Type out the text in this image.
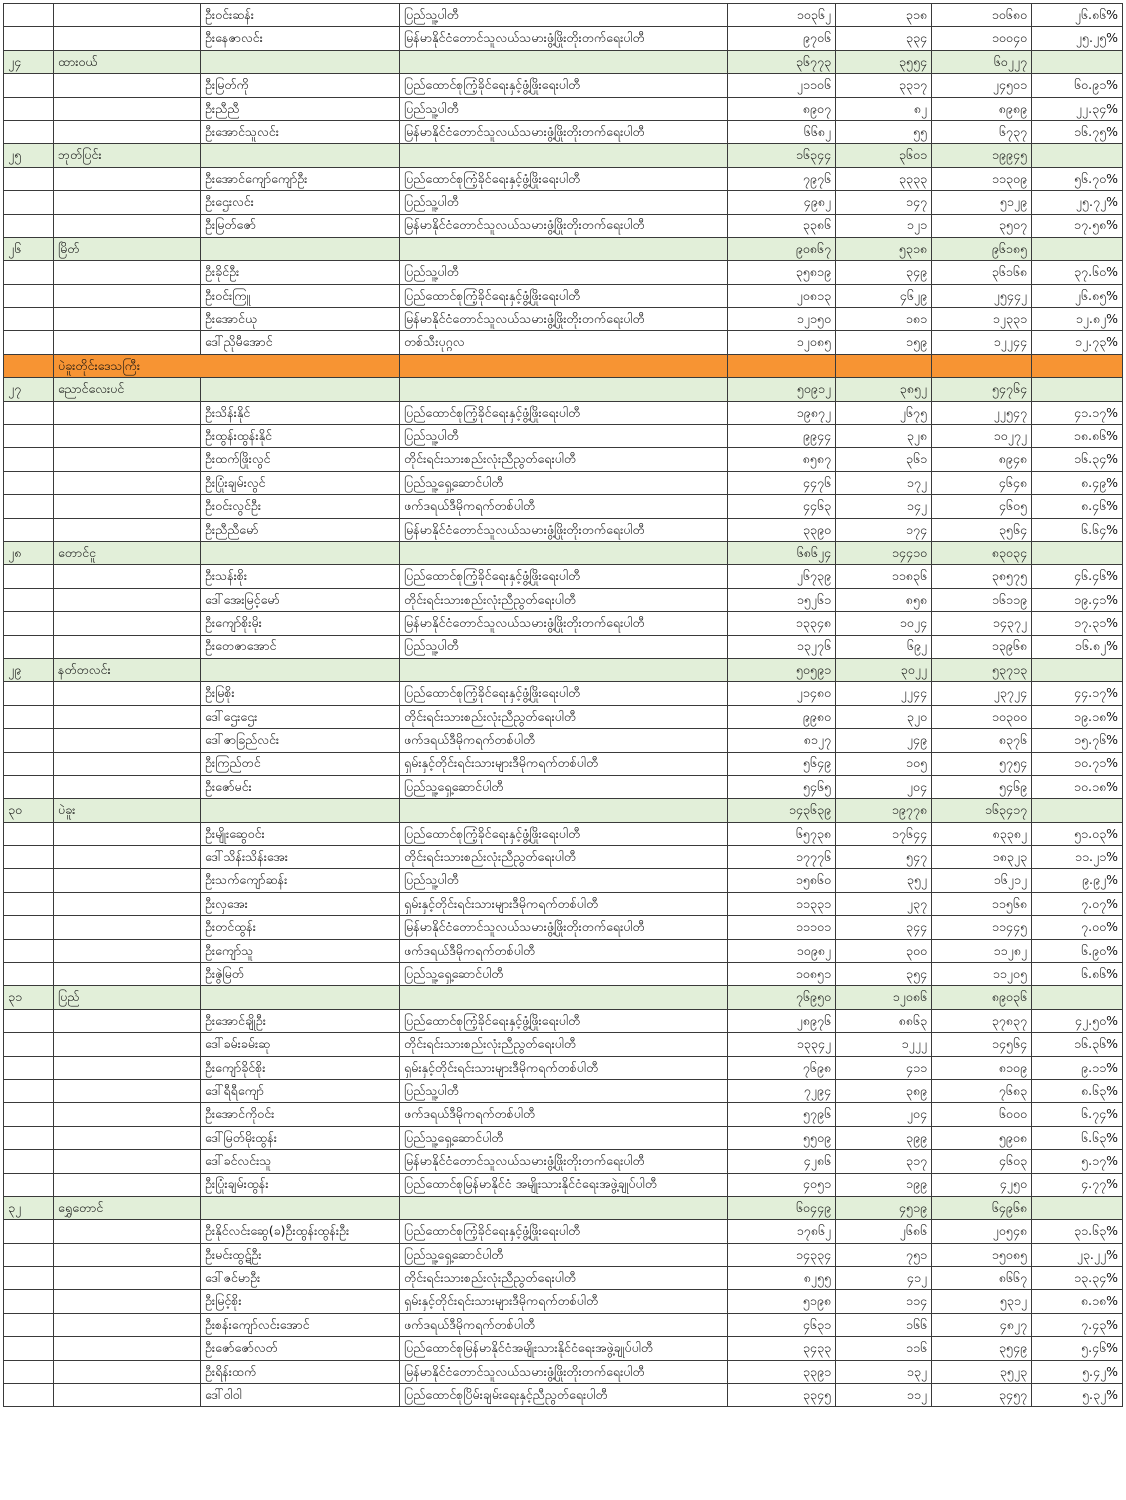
		ဦးဝင်းဆန်း	ပြည်သူ့ပါတီ	၁၀၃၆၂	၃၁၈	၁၀၆၈၀	၂၆.၈၆%
		ဦးနေဇာလင်း	မြန်မာနိုင်ငံတောင်သူလယ်သမားဖွံ့ဖြိုးတိုးတက်ရေးပါတီ	၉၇၀၆	၃၃၄	၁၀၀၄၀	၂၅.၂၅%
၂၄	ထားဝယ်			၃၆၇၇၃	၃၅၅၄	၆၀၂၂၇	
		ဦးမြတ်ကို	ပြည်ထောင်စုကြံ့ခိုင်ရေးနှင့်ဖွံ့ဖြိုးရေးပါတီ	၂၁၁၀၆	၃၃၁၇	၂၄၅၀၁	၆၀.၉၁%
		ဦးညီညီ	ပြည်သူ့ပါတီ	၈၉၀၇	၈၂	၈၉၈၉	၂၂.၃၄%
		ဦးအောင်သူလင်း	မြန်မာနိုင်ငံတောင်သူလယ်သမားဖွံ့ဖြိုးတိုးတက်ရေးပါတီ	၆၆၈၂	၅၅	၆၇၃၇	၁၆.၇၅%
၂၅	ဘုတ်ပြင်း			၁၆၃၄၄	၃၆၀၁	၁၉၉၄၅	
		ဦးအောင်ကျော်ကျော်ဦး	ပြည်ထောင်စုကြံ့ခိုင်ရေးနှင့်ဖွံ့ဖြိုးရေးပါတီ	၇၉၇၆	၃၃၃၃	၁၁၃၀၉	၅၆.၇၀%
		ဦးဌေးလင်း	ပြည်သူ့ပါတီ	၄၉၈၂	၁၄၇	၅၁၂၉	၂၅.၇၂%
		ဦးမြတ်ဇော်	မြန်မာနိုင်ငံတောင်သူလယ်သမားဖွံ့ဖြိုးတိုးတက်ရေးပါတီ	၃၃၈၆	၁၂၁	၃၅၀၇	၁၇.၅၈%
၂၆	မြိတ်			၉၀၈၆၇	၅၃၁၈	၉၆၁၈၅	
		ဦးခိုင်ဦး	ပြည်သူ့ပါတီ	၃၅၈၁၉	၃၄၉	၃၆၁၆၈	၃၇.၆၀%
		ဦးဝင်းကြူ	ပြည်ထောင်စုကြံ့ခိုင်ရေးနှင့်ဖွံ့ဖြိုးရေးပါတီ	၂၀၈၁၃	၄၆၂၉	၂၅၄၄၂	၂၆.၈၅%
		ဦးအောင်ယု	မြန်မာနိုင်ငံတောင်သူလယ်သမားဖွံ့ဖြိုးတိုးတက်ရေးပါတီ	၁၂၁၅၀	၁၈၁	၁၂၃၃၁	၁၂.၈၂%
		ဒေါ်ညိုမီအောင်	တစ်သီးပုဂ္ဂလ	၁၂၀၈၅	၁၅၉	၁၂၂၄၄	၁၂.၇၃%
	ပဲခူးတိုင်းဒေသကြီး						
၂၇	ညောင်လေးပင်			၅၀၉၁၂	၃၈၅၂	၅၄၇၆၄	
		ဦးသိန်းနိုင်	ပြည်ထောင်စုကြံ့ခိုင်ရေးနှင့်ဖွံ့ဖြိုးရေးပါတီ	၁၉၈၇၂	၂၆၇၅	၂၂၅၄၇	၄၁.၁၇%
		ဦးထွန်းထွန်းနိုင်	ပြည်သူ့ပါတီ	၉၉၄၄	၃၂၈	၁၀၂၇၂	၁၈.၈၆%
		ဦးထက်ဖြိုးလွင်	တိုင်းရင်းသားစည်းလုံးညီညွတ်ရေးပါတီ	၈၅၈၇	၃၆၁	၈၉၄၈	၁၆.၃၄%
		ဦးပြုံးချမ်းလွင်	ပြည်သူ့ရှေ့ဆောင်ပါတီ	၄၄၇၆	၁၇၂	၄၆၄၈	၈.၄၉%
		ဦးဝင်းလွင်ဦး	ဖက်ဒရယ်ဒီမိုကရက်တစ်ပါတီ	၄၄၆၃	၁၄၂	၄၆၀၅	၈.၄၆%
		ဦးညီညီမော်	မြန်မာနိုင်ငံတောင်သူလယ်သမားဖွံ့ဖြိုးတိုးတက်ရေးပါတီ	၃၃၉၀	၁၇၄	၃၅၆၄	၆.၆၄%
၂၈	တောင်ငူ			၆၈၆၂၄	၁၄၄၁၀	၈၃၀၃၄	
		ဦးသန်းစိုး	ပြည်ထောင်စုကြံ့ခိုင်ရေးနှင့်ဖွံ့ဖြိုးရေးပါတီ	၂၆၇၃၉	၁၁၈၃၆	၃၈၅၇၅	၄၆.၄၆%
		ဒေါ်အေးမြင့်မော်	တိုင်းရင်းသားစည်းလုံးညီညွတ်ရေးပါတီ	၁၅၂၆၁	၈၅၈	၁၆၁၁၉	၁၉.၄၁%
		ဦးကျော်စိုးမိုး	မြန်မာနိုင်ငံတောင်သူလယ်သမားဖွံ့ဖြိုးတိုးတက်ရေးပါတီ	၁၃၃၄၈	၁၀၂၄	၁၄၃၇၂	၁၇.၃၁%
		ဦးတေဇာအောင်	ပြည်သူ့ပါတီ	၁၃၂၇၆	၆၉၂	၁၃၉၆၈	၁၆.၈၂%
၂၉	နတ်တလင်း			၅၀၅၉၁	၃၀၂၂	၅၃၇၁၃	
		ဦးမြစိုး	ပြည်ထောင်စုကြံ့ခိုင်ရေးနှင့်ဖွံ့ဖြိုးရေးပါတီ	၂၁၄၈၀	၂၂၄၄	၂၃၇၂၄	၄၄.၁၇%
		ဒေါ်ဌေးဌေး	တိုင်းရင်းသားစည်းလုံးညီညွတ်ရေးပါတီ	၉၉၈၀	၃၂၀	၁၀၃၀၀	၁၉.၁၈%
		ဒေါ်ဇာခြည်လင်း	ဖက်ဒရယ်ဒီမိုကရက်တစ်ပါတီ	၈၁၂၇	၂၄၉	၈၃၇၆	၁၅.၇၆%
		ဦးကြည်တင်	ရှမ်းနှင့်တိုင်းရင်းသားများဒီမိုကရက်တစ်ပါတီ	၅၆၄၉	၁၀၅	၅၇၅၄	၁၀.၇၁%
		ဦးဇော်မင်း	ပြည်သူ့ရှေ့ဆောင်ပါတီ	၅၄၆၅	၂၀၄	၅၄၆၉	၁၀.၁၈%
၃၀	ပဲခူး			၁၄၃၆၃၉	၁၉၇၇၈	၁၆၃၄၁၇	
		ဦးမျိုးဆွေဝင်း	ပြည်ထောင်စုကြံ့ခိုင်ရေးနှင့်ဖွံ့ဖြိုးရေးပါတီ	၆၅၇၃၈	၁၇၆၄၄	၈၃၃၈၂	၅၁.၀၃%
		ဒေါ်သိန်းသိန်းအေး	တိုင်းရင်းသားစည်းလုံးညီညွတ်ရေးပါတီ	၁၇၇၇၆	၅၄၇	၁၈၃၂၃	၁၁.၂၁%
		ဦးသက်ကျော်ဆန်း	ပြည်သူ့ပါတီ	၁၅၈၆၀	၃၅၂	၁၆၂၁၂	၉.၉၂%
		ဦးလှအေး	ရှမ်းနှင့်တိုင်းရင်းသားများဒီမိုကရက်တစ်ပါတီ	၁၁၃၃၁	၂၃၇	၁၁၅၆၈	၇.၀၇%
		ဦးတင်ထွန်း	မြန်မာနိုင်ငံတောင်သူလယ်သမားဖွံ့ဖြိုးတိုးတက်ရေးပါတီ	၁၁၁၀၁	၃၄၄	၁၁၄၄၅	၇.၀၀%
		ဦးကျော်သူ	ဖက်ဒရယ်ဒီမိုကရက်တစ်ပါတီ	၁၀၉၈၂	၃၀၀	၁၁၂၈၂	၆.၉၀%
		ဦးဇွဲမြတ်	ပြည်သူ့ရှေ့ဆောင်ပါတီ	၁၀၈၅၁	၃၅၄	၁၁၂၀၅	၆.၈၆%
၃၁	ပြည်			၇၆၉၅၀	၁၂၀၈၆	၈၉၀၃၆	
		ဦးအောင်ချိုဦး	ပြည်ထောင်စုကြံ့ခိုင်ရေးနှင့်ဖွံ့ဖြိုးရေးပါတီ	၂၈၉၇၆	၈၈၆၃	၃၇၈၃၇	၄၂.၅၀%
		ဒေါ်ခမ်းခမ်းဆု	တိုင်းရင်းသားစည်းလုံးညီညွတ်ရေးပါတီ	၁၃၃၄၂	၁၂၂၂	၁၄၅၆၄	၁၆.၃၆%
		ဦးကျော်ခိုင်စိုး	ရှမ်းနှင့်တိုင်းရင်းသားများဒီမိုကရက်တစ်ပါတီ	၇၆၉၈	၄၁၁	၈၁၀၉	၉.၁၁%
		ဒေါ်ရီရီကျော်	ပြည်သူ့ပါတီ	၇၂၉၄	၃၈၉	၇၆၈၃	၈.၆၃%
		ဦးအောင်ကိုဝင်း	ဖက်ဒရယ်ဒီမိုကရက်တစ်ပါတီ	၅၇၉၆	၂၀၄	၆၀၀၀	၆.၇၄%
		ဒေါ်မြတ်မိုးထွန်း	ပြည်သူ့ရှေ့ဆောင်ပါတီ	၅၅၀၉	၃၉၉	၅၉၀၈	၆.၆၃%
		ဒေါ်ခင်လင်းသူ	မြန်မာနိုင်ငံတောင်သူလယ်သမားဖွံ့ဖြိုးတိုးတက်ရေးပါတီ	၄၂၈၆	၃၁၇	၄၆၀၃	၅.၁၇%
		ဦးပြုံးချမ်းထွန်း	ပြည်ထောင်စုမြန်မာနိုင်ငံ အမျိုးသားနိုင်ငံရေးအဖွဲ့ချုပ်ပါတီ	၄၀၅၁	၁၉၉	၄၂၅၀	၄.၇၇%
၃၂	ရွှေတောင်			၆၀၄၄၉	၄၅၁၉	၆၄၉၆၈	
		ဦးနိုင်လင်းဆွေ(ခ)ဦးထွန်းထွန်းဦး	ပြည်ထောင်စုကြံ့ခိုင်ရေးနှင့်ဖွံ့ဖြိုးရေးပါတီ	၁၇၈၆၂	၂၆၈၆	၂၀၅၄၈	၃၁.၆၃%
		ဦးမင်းထွဋ်ဦး	ပြည်သူ့ရှေ့ဆောင်ပါတီ	၁၄၃၃၄	၇၅၁	၁၅၀၈၅	၂၃.၂၂%
		ဒေါ်ဇင်မာဦး	တိုင်းရင်းသားစည်းလုံးညီညွတ်ရေးပါတီ	၈၂၅၅	၄၁၂	၈၆၆၇	၁၃.၃၄%
		ဦးမြင့်စိုး	ရှမ်းနှင့်တိုင်းရင်းသားများဒီမိုကရက်တစ်ပါတီ	၅၁၉၈	၁၁၄	၅၃၁၂	၈.၁၈%
		ဦးစန်းကျော်လင်းအောင်	ဖက်ဒရယ်ဒီမိုကရက်တစ်ပါတီ	၄၆၃၁	၁၆၆	၄၈၂၇	၇.၄၃%
		ဦးဇော်ဇော်လတ်	ပြည်ထောင်စုမြန်မာနိုင်ငံအမျိုးသားနိုင်ငံရေးအဖွဲ့ချုပ်ပါတီ	၃၄၃၃	၁၁၆	၃၅၄၉	၅.၄၆%
		ဦးရိန်းထက်	မြန်မာနိုင်ငံတောင်သူလယ်သမားဖွံ့ဖြိုးတိုးတက်ရေးပါတီ	၃၃၉၁	၁၃၂	၃၅၂၃	၅.၄၂%
		ဒေါ်ဝါဝါ	ပြည်ထောင်စုပြိမ်းချမ်းရေးနှင့်ညီညွတ်ရေးပါတီ	၃၃၄၅	၁၁၂	၃၄၅၇	၅.၃၂%
